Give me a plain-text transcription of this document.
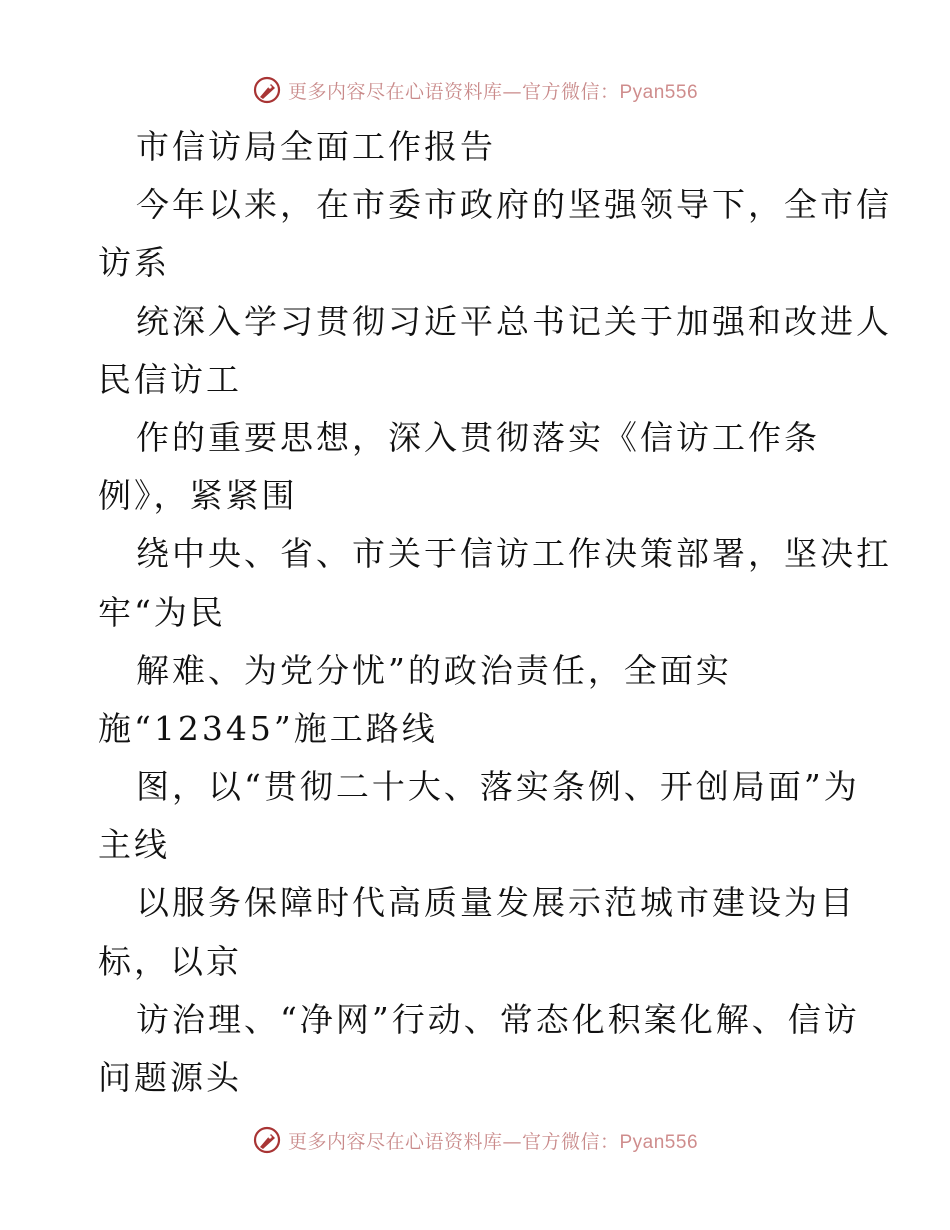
更多内容尽在心语资料库—官方微信：Pyan556
市信访局全面工作报告
今年以来，在市委市政府的坚强领导下，全市信
访系
统深入学习贯彻习近平总书记关于加强和改进人
民信访工
作的重要思想，深入贯彻落实《信访工作条
例》，紧紧围
绕中央、省、市关于信访工作决策部署，坚决扛
牢“为民
解难、为党分忧”的政治责任，全面实
施“12345”施工路线
图，以“贯彻二十大、落实条例、开创局面”为
主线
以服务保障时代高质量发展示范城市建设为目
标，以京
访治理、“净网”行动、常态化积案化解、信访
问题源头
更多内容尽在心语资料库—官方微信：Pyan556
